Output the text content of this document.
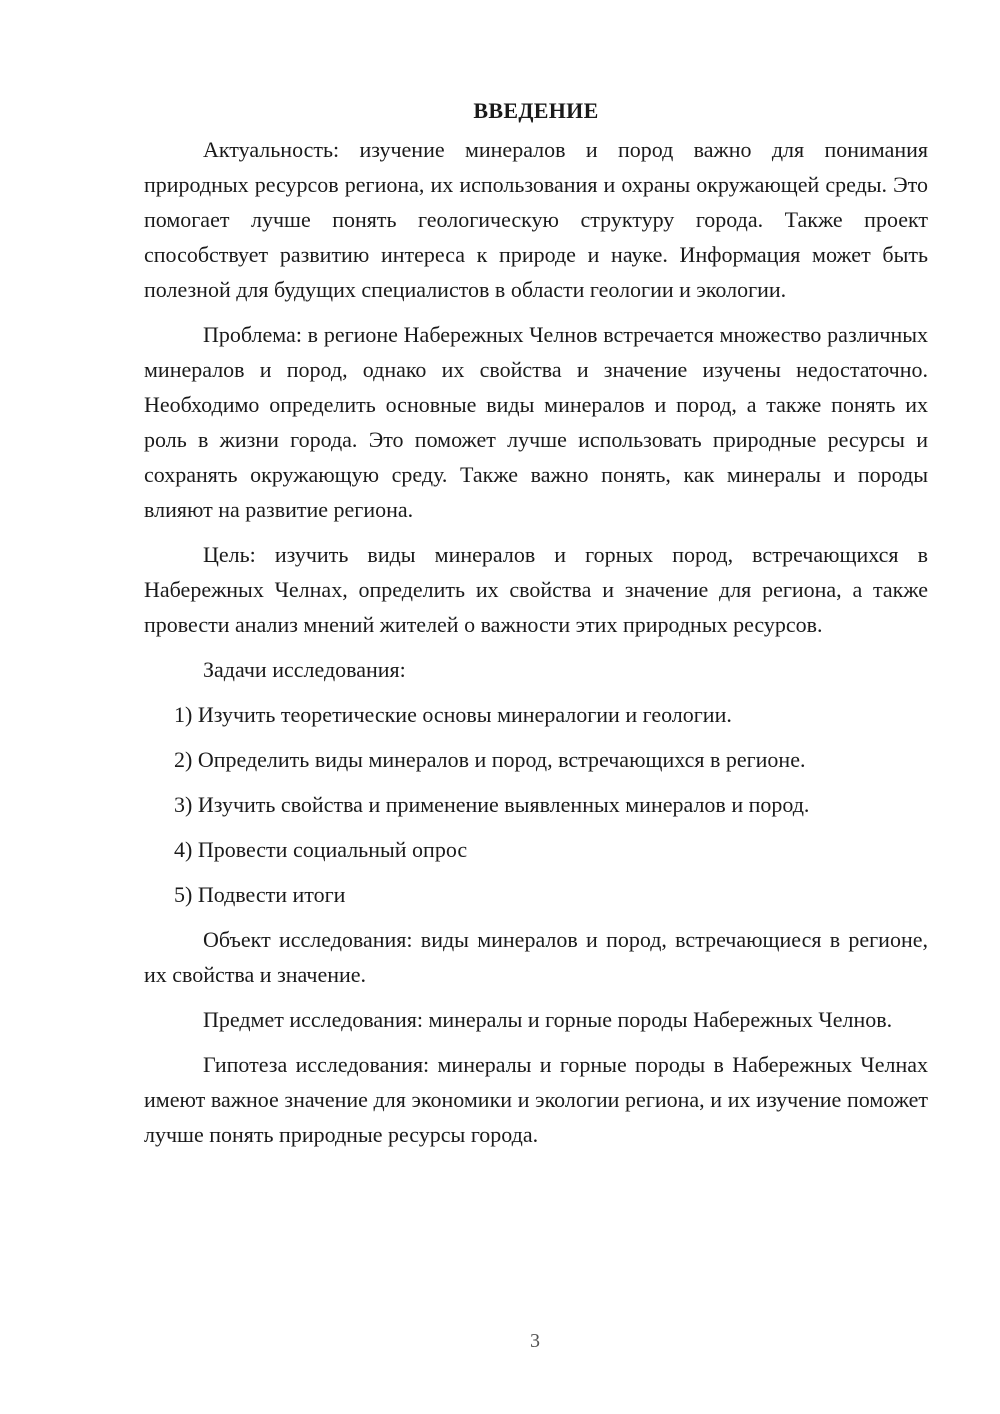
ВВЕДЕНИЕ

Актуальность: изучение минералов и пород важно для понимания природных ресурсов региона, их использования и охраны окружающей среды. Это помогает лучше понять геологическую структуру города. Также проект способствует развитию интереса к природе и науке. Информация может быть полезной для будущих специалистов в области геологии и экологии.

Проблема: в регионе Набережных Челнов встречается множество различных минералов и пород, однако их свойства и значение изучены недостаточно. Необходимо определить основные виды минералов и пород, а также понять их роль в жизни города. Это поможет лучше использовать природные ресурсы и сохранять окружающую среду. Также важно понять, как минералы и породы влияют на развитие региона.

Цель: изучить виды минералов и горных пород, встречающихся в Набережных Челнах, определить их свойства и значение для региона, а также провести анализ мнений жителей о важности этих природных ресурсов.

Задачи исследования:
1) Изучить теоретические основы минералогии и геологии.
2) Определить виды минералов и пород, встречающихся в регионе.
3) Изучить свойства и применение выявленных минералов и пород.
4) Провести социальный опрос
5) Подвести итоги

Объект исследования: виды минералов и пород, встречающиеся в регионе, их свойства и значение.

Предмет исследования: минералы и горные породы Набережных Челнов.

Гипотеза исследования: минералы и горные породы в Набережных Челнах имеют важное значение для экономики и экологии региона, и их изучение поможет лучше понять природные ресурсы города.

3
